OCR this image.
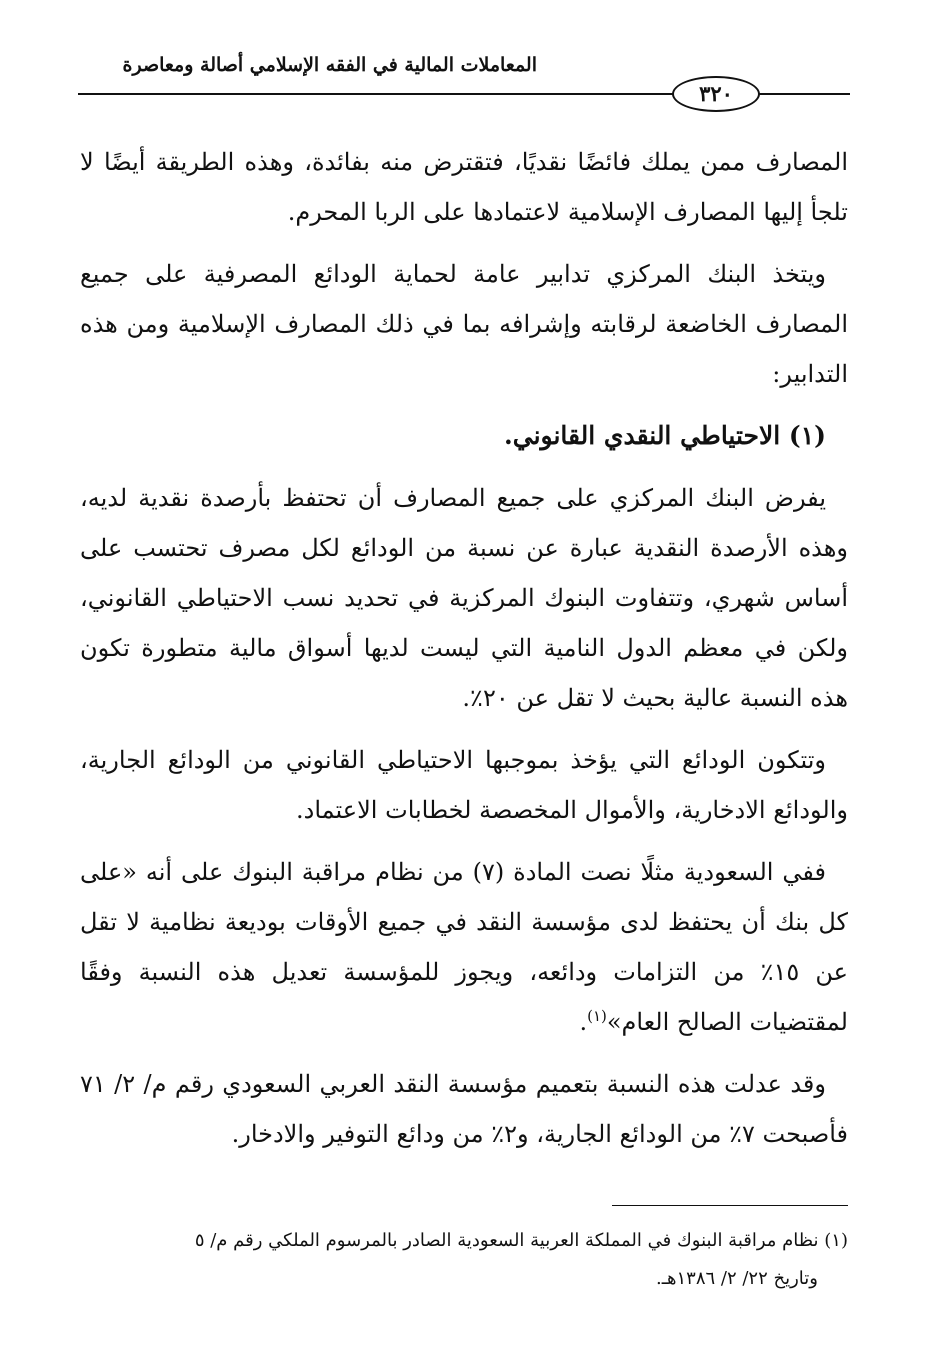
المعاملات المالية في الفقه الإسلامي أصالة ومعاصرة
٣٢٠

المصارف ممن يملك فائضًا نقديًا، فتقترض منه بفائدة، وهذه الطريقة أيضًا لا تلجأ إليها المصارف الإسلامية لاعتمادها على الربا المحرم.

ويتخذ البنك المركزي تدابير عامة لحماية الودائع المصرفية على جميع المصارف الخاضعة لرقابته وإشرافه بما في ذلك المصارف الإسلامية ومن هذه التدابير:

(١) الاحتياطي النقدي القانوني.

يفرض البنك المركزي على جميع المصارف أن تحتفظ بأرصدة نقدية لديه، وهذه الأرصدة النقدية عبارة عن نسبة من الودائع لكل مصرف تحتسب على أساس شهري، وتتفاوت البنوك المركزية في تحديد نسب الاحتياطي القانوني، ولكن في معظم الدول النامية التي ليست لديها أسواق مالية متطورة تكون هذه النسبة عالية بحيث لا تقل عن ٢٠٪.

وتتكون الودائع التي يؤخذ بموجبها الاحتياطي القانوني من الودائع الجارية، والودائع الادخارية، والأموال المخصصة لخطابات الاعتماد.

ففي السعودية مثلًا نصت المادة (٧) من نظام مراقبة البنوك على أنه «على كل بنك أن يحتفظ لدى مؤسسة النقد في جميع الأوقات بوديعة نظامية لا تقل عن ١٥٪ من التزامات ودائعه، ويجوز للمؤسسة تعديل هذه النسبة وفقًا لمقتضيات الصالح العام»$^{(١)}$.

وقد عدلت هذه النسبة بتعميم مؤسسة النقد العربي السعودي رقم م/ ٢/ ٧١ فأصبحت ٧٪ من الودائع الجارية، و٢٪ من ودائع التوفير والادخار.

(١) نظام مراقبة البنوك في المملكة العربية السعودية الصادر بالمرسوم الملكي رقم م/ ٥

وتاريخ ٢٢/ ٢/ ١٣٨٦هـ.
